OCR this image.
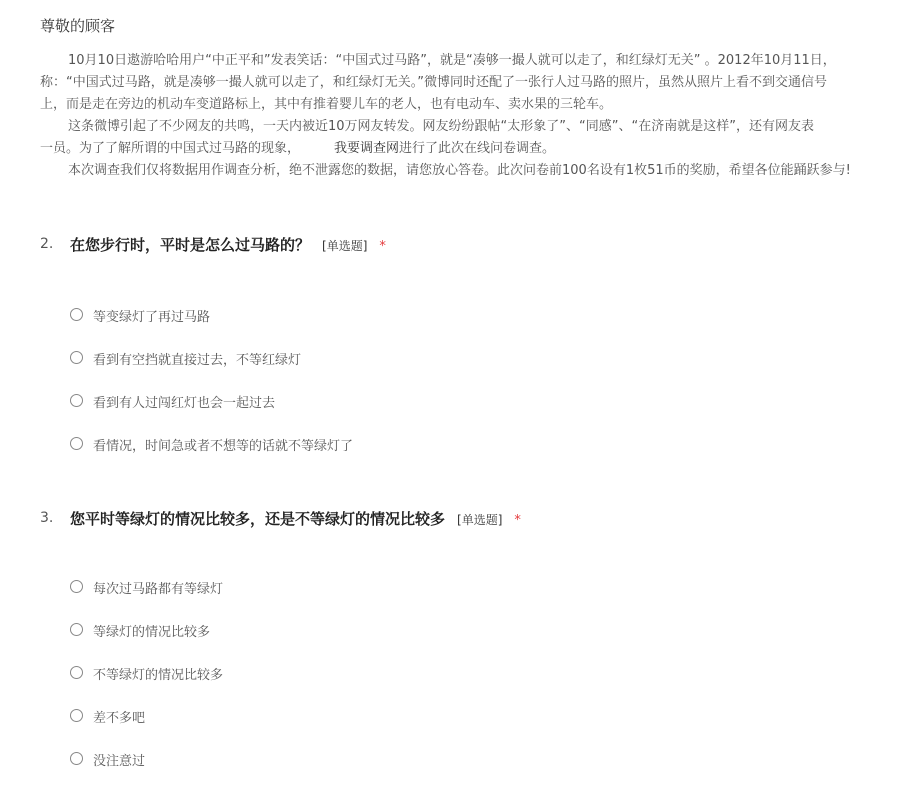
尊敬的顾客
10月10日遨游哈哈用户“中正平和”发表笑话：“中国式过马路”，就是“凑够一撮人就可以走了，和红绿灯无关” 。2012年10月11日，
称：“中国式过马路，就是凑够一撮人就可以走了，和红绿灯无关。”微博同时还配了一张行人过马路的照片，虽然从照片上看不到交通信号
上，而是走在旁边的机动车变道路标上，其中有推着婴儿车的老人，也有电动车、卖水果的三轮车。
这条微博引起了不少网友的共鸣，一天内被近10万网友转发。网友纷纷跟帖“太形象了”、“同感”、“在济南就是这样”，还有网友表
一员。为了了解所谓的中国式过马路的现象，	我要调查网进行了此次在线问卷调查。
本次调查我们仅将数据用作调查分析，绝不泄露您的数据，请您放心答卷。此次问卷前100名设有1枚51币的奖励，希望各位能踊跃参与!
2. 在您步行时，平时是怎么过马路的？ [单选题] *
等变绿灯了再过马路
看到有空挡就直接过去，不等红绿灯
看到有人过闯红灯也会一起过去
看情况，时间急或者不想等的话就不等绿灯了
3. 您平时等绿灯的情况比较多，还是不等绿灯的情况比较多 [单选题] *
每次过马路都有等绿灯
等绿灯的情况比较多
不等绿灯的情况比较多
差不多吧
没注意过
